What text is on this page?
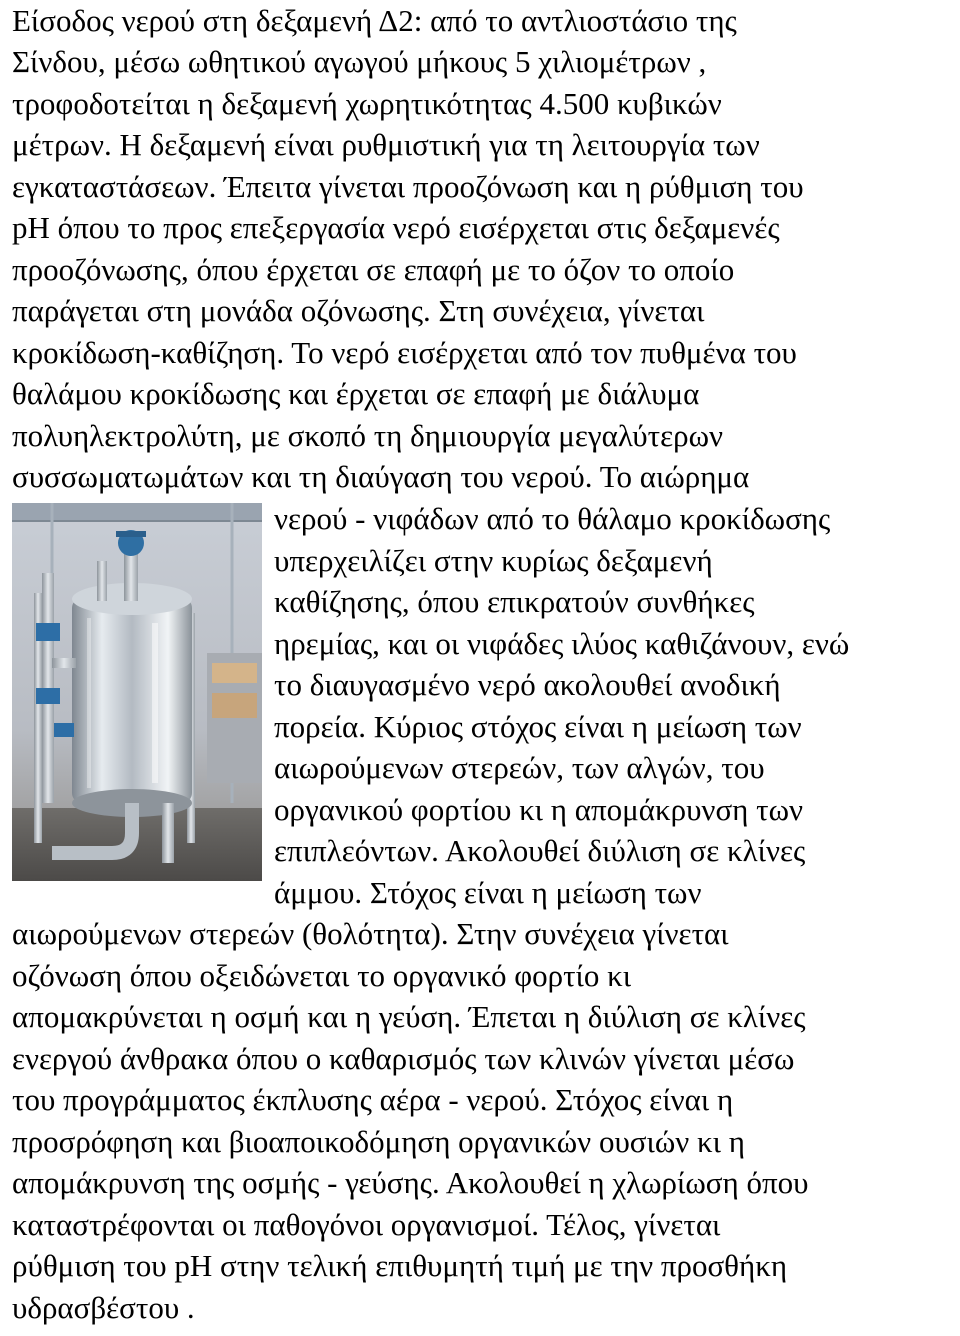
Είσοδος νερού στη δεξαμενή Δ2: από το αντλιοστάσιο της
Σίνδου, μέσω ωθητικού αγωγού μήκους 5 χιλιομέτρων ,
τροφοδοτείται η δεξαμενή χωρητικότητας 4.500 κυβικών
μέτρων. Η δεξαμενή είναι ρυθμιστική για τη λειτουργία των
εγκαταστάσεων. Έπειτα γίνεται προοζόνωση και η ρύθμιση του
pH όπου το προς επεξεργασία νερό εισέρχεται στις δεξαμενές
προοζόνωσης, όπου έρχεται σε επαφή με το όζον το οποίο
παράγεται στη μονάδα οζόνωσης. Στη συνέχεια, γίνεται
κροκίδωση-καθίζηση. Το νερό εισέρχεται από τον πυθμένα του
θαλάμου κροκίδωσης και έρχεται σε επαφή με διάλυμα
πολυηλεκτρολύτη, με σκοπό τη δημιουργία μεγαλύτερων
συσσωματωμάτων και τη διαύγαση του νερού. Το αιώρημα
νερού - νιφάδων από το θάλαμο κροκίδωσης
υπερχειλίζει στην κυρίως δεξαμενή
καθίζησης, όπου επικρατούν συνθήκες
ηρεμίας, και οι νιφάδες ιλύος καθιζάνουν, ενώ
το διαυγασμένο νερό ακολουθεί ανοδική
πορεία. Κύριος στόχος είναι η μείωση των
αιωρούμενων στερεών, των αλγών, του
οργανικού φορτίου κι η απομάκρυνση των
επιπλεόντων. Ακολουθεί διύλιση σε κλίνες
άμμου. Στόχος είναι η μείωση των
αιωρούμενων στερεών (θολότητα). Στην συνέχεια γίνεται
οζόνωση όπου οξειδώνεται το οργανικό φορτίο κι
απομακρύνεται η οσμή και η γεύση. Έπεται η διύλιση σε κλίνες
ενεργού άνθρακα όπου ο καθαρισμός των κλινών γίνεται μέσω
του προγράμματος έκπλυσης αέρα - νερού. Στόχος είναι η
προσρόφηση και βιοαποικοδόμηση οργανικών ουσιών κι η
απομάκρυνση της οσμής - γεύσης. Ακολουθεί η χλωρίωση όπου
καταστρέφονται οι παθογόνοι οργανισμοί. Τέλος, γίνεται
ρύθμιση του pH στην τελική επιθυμητή τιμή με την προσθήκη
υδρασβέστου .
